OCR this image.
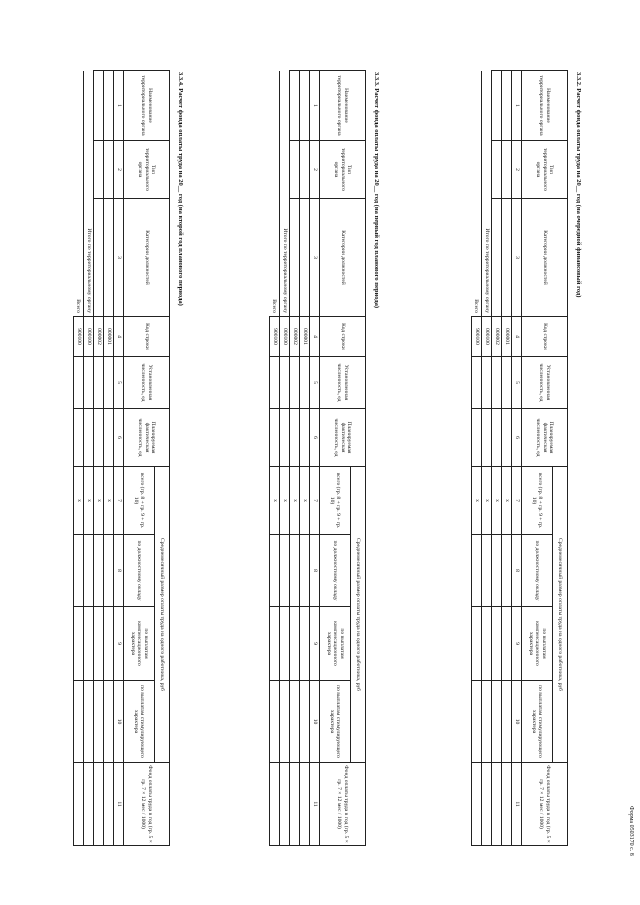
Форма 0503170 с. 8
3.3.2. Расчет фонда оплаты труда на 20__ год (на очередной финансовый год)
Наименование территориального органа	Тип территориального органа	Категории должностей	Код строки	Установленная численность, ед	Планируемая фактическая численность, ед	Среднемесячный размер оплаты труда на одного работника, руб				Фонд оплаты труда в год (гр. 5 × гр. 7 × 12 мес / 1000)
						всего (гр. 8 + гр. 9 + гр. 10)	по должностному окладу	по выплатам компенсационного характера	по выплатам стимулирующего характера	
1	2	3	4	5	6	7	8	9	10	11
			000001			x				
			000002			x				
Итого по территориальному органу			000100			x				
Всего			900100			x				
3.3.3. Расчет фонда оплаты труда на 20__ год (на первый год планового периода)
Наименование территориального органа	Тип территориального органа	Категории должностей	Код строки	Установленная численность, ед	Планируемая фактическая численность, ед	Среднемесячный размер оплаты труда на одного работника, руб				Фонд оплаты труда в год (гр. 5 × гр. 7 × 12 мес / 1000)
						всего (гр. 8 + гр. 9 + гр. 10)	по должностному окладу	по выплатам компенсационного характера	по выплатам стимулирующего характера	
1	2	3	4	5	6	7	8	9	10	11
			000001			x				
			000002			x				
Итого по территориальному органу			000100			x				
Всего			900100			x				
3.3.4. Расчет фонда оплаты труда на 20__ год (на второй год планового периода)
Наименование территориального органа	Тип территориального органа	Категории должностей	Код строки	Установленная численность, ед	Планируемая фактическая численность, ед	Среднемесячный размер оплаты труда на одного работника, руб				Фонд оплаты труда в год (гр. 5 × гр. 7 × 12 мес / 1000)
						всего (гр. 8 + гр. 9 + гр. 10)	по должностному окладу	по выплатам компенсационного характера	по выплатам стимулирующего характера	
1	2	3	4	5	6	7	8	9	10	11
			000001			x				
			000002			x				
Итого по территориальному органу			000100			x				
Всего			900100			x				
